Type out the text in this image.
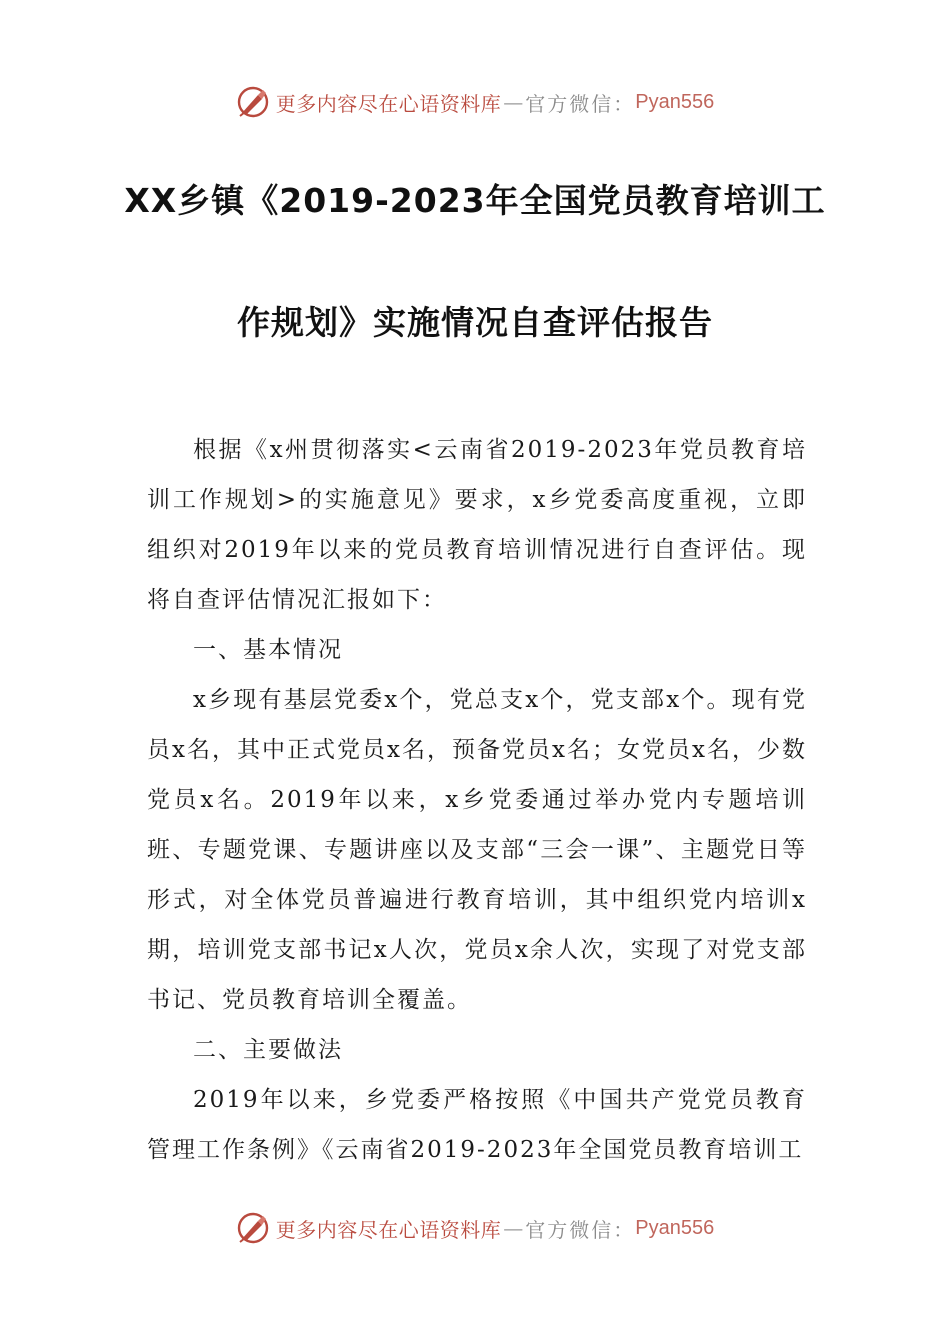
更多内容尽在心语资料库 — 官方微信： Pyan556
XX乡镇《2019-2023年全国党员教育培训工
作规划》实施情况自查评估报告

根据《x州贯彻落实<云南省2019-2023年党员教育培训工作规划>的实施意见》要求，x乡党委高度重视，立即组织对2019年以来的党员教育培训情况进行自查评估。现将自查评估情况汇报如下：

一、基本情况

x乡现有基层党委x个，党总支x个，党支部x个。现有党员x名，其中正式党员x名，预备党员x名；女党员x名，少数党员x名。2019年以来，x乡党委通过举办党内专题培训班、专题党课、专题讲座以及支部“三会一课”、主题党日等形式，对全体党员普遍进行教育培训，其中组织党内培训x期，培训党支部书记x人次，党员x余人次，实现了对党支部书记、党员教育培训全覆盖。

二、主要做法

2019年以来，乡党委严格按照《中国共产党党员教育管理工作条例》《云南省2019-2023年全国党员教育培训工

更多内容尽在心语资料库 — 官方微信： Pyan556
